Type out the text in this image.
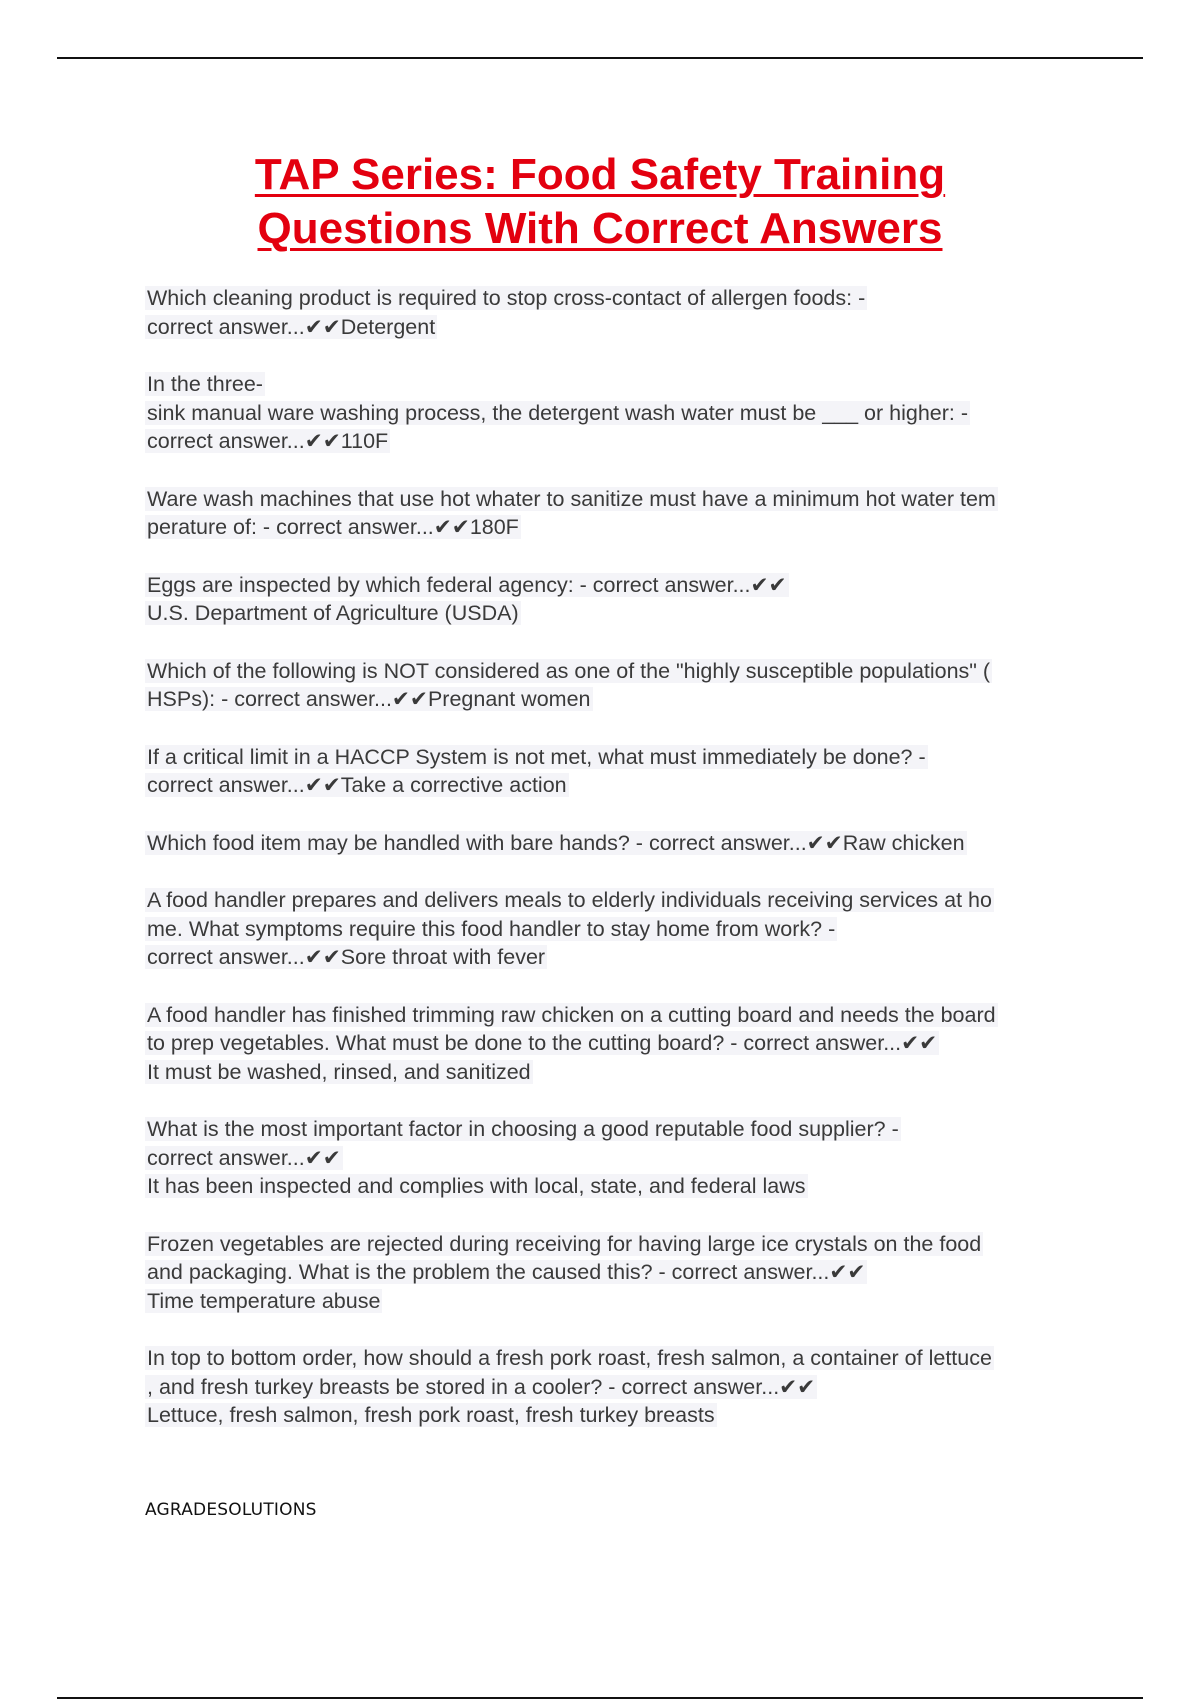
TAP Series: Food Safety Training
Questions With Correct Answers
Which cleaning product is required to stop cross-contact of allergen foods: -
correct answer...✔✔Detergent
In the three-
sink manual ware washing process, the detergent wash water must be ___ or higher: -
correct answer...✔✔110F
Ware wash machines that use hot whater to sanitize must have a minimum hot water tem
perature of: - correct answer...✔✔180F
Eggs are inspected by which federal agency: - correct answer...✔✔
U.S. Department of Agriculture (USDA)
Which of the following is NOT considered as one of the "highly susceptible populations" (
HSPs): - correct answer...✔✔Pregnant women
If a critical limit in a HACCP System is not met, what must immediately be done? -
correct answer...✔✔Take a corrective action
Which food item may be handled with bare hands? - correct answer...✔✔Raw chicken
A food handler prepares and delivers meals to elderly individuals receiving services at ho
me. What symptoms require this food handler to stay home from work? -
correct answer...✔✔Sore throat with fever
A food handler has finished trimming raw chicken on a cutting board and needs the board
to prep vegetables. What must be done to the cutting board? - correct answer...✔✔
It must be washed, rinsed, and sanitized
What is the most important factor in choosing a good reputable food supplier? -
correct answer...✔✔
It has been inspected and complies with local, state, and federal laws
Frozen vegetables are rejected during receiving for having large ice crystals on the food
and packaging. What is the problem the caused this? - correct answer...✔✔
Time temperature abuse
In top to bottom order, how should a fresh pork roast, fresh salmon, a container of lettuce
, and fresh turkey breasts be stored in a cooler? - correct answer...✔✔
Lettuce, fresh salmon, fresh pork roast, fresh turkey breasts
AGRADESOLUTIONS
